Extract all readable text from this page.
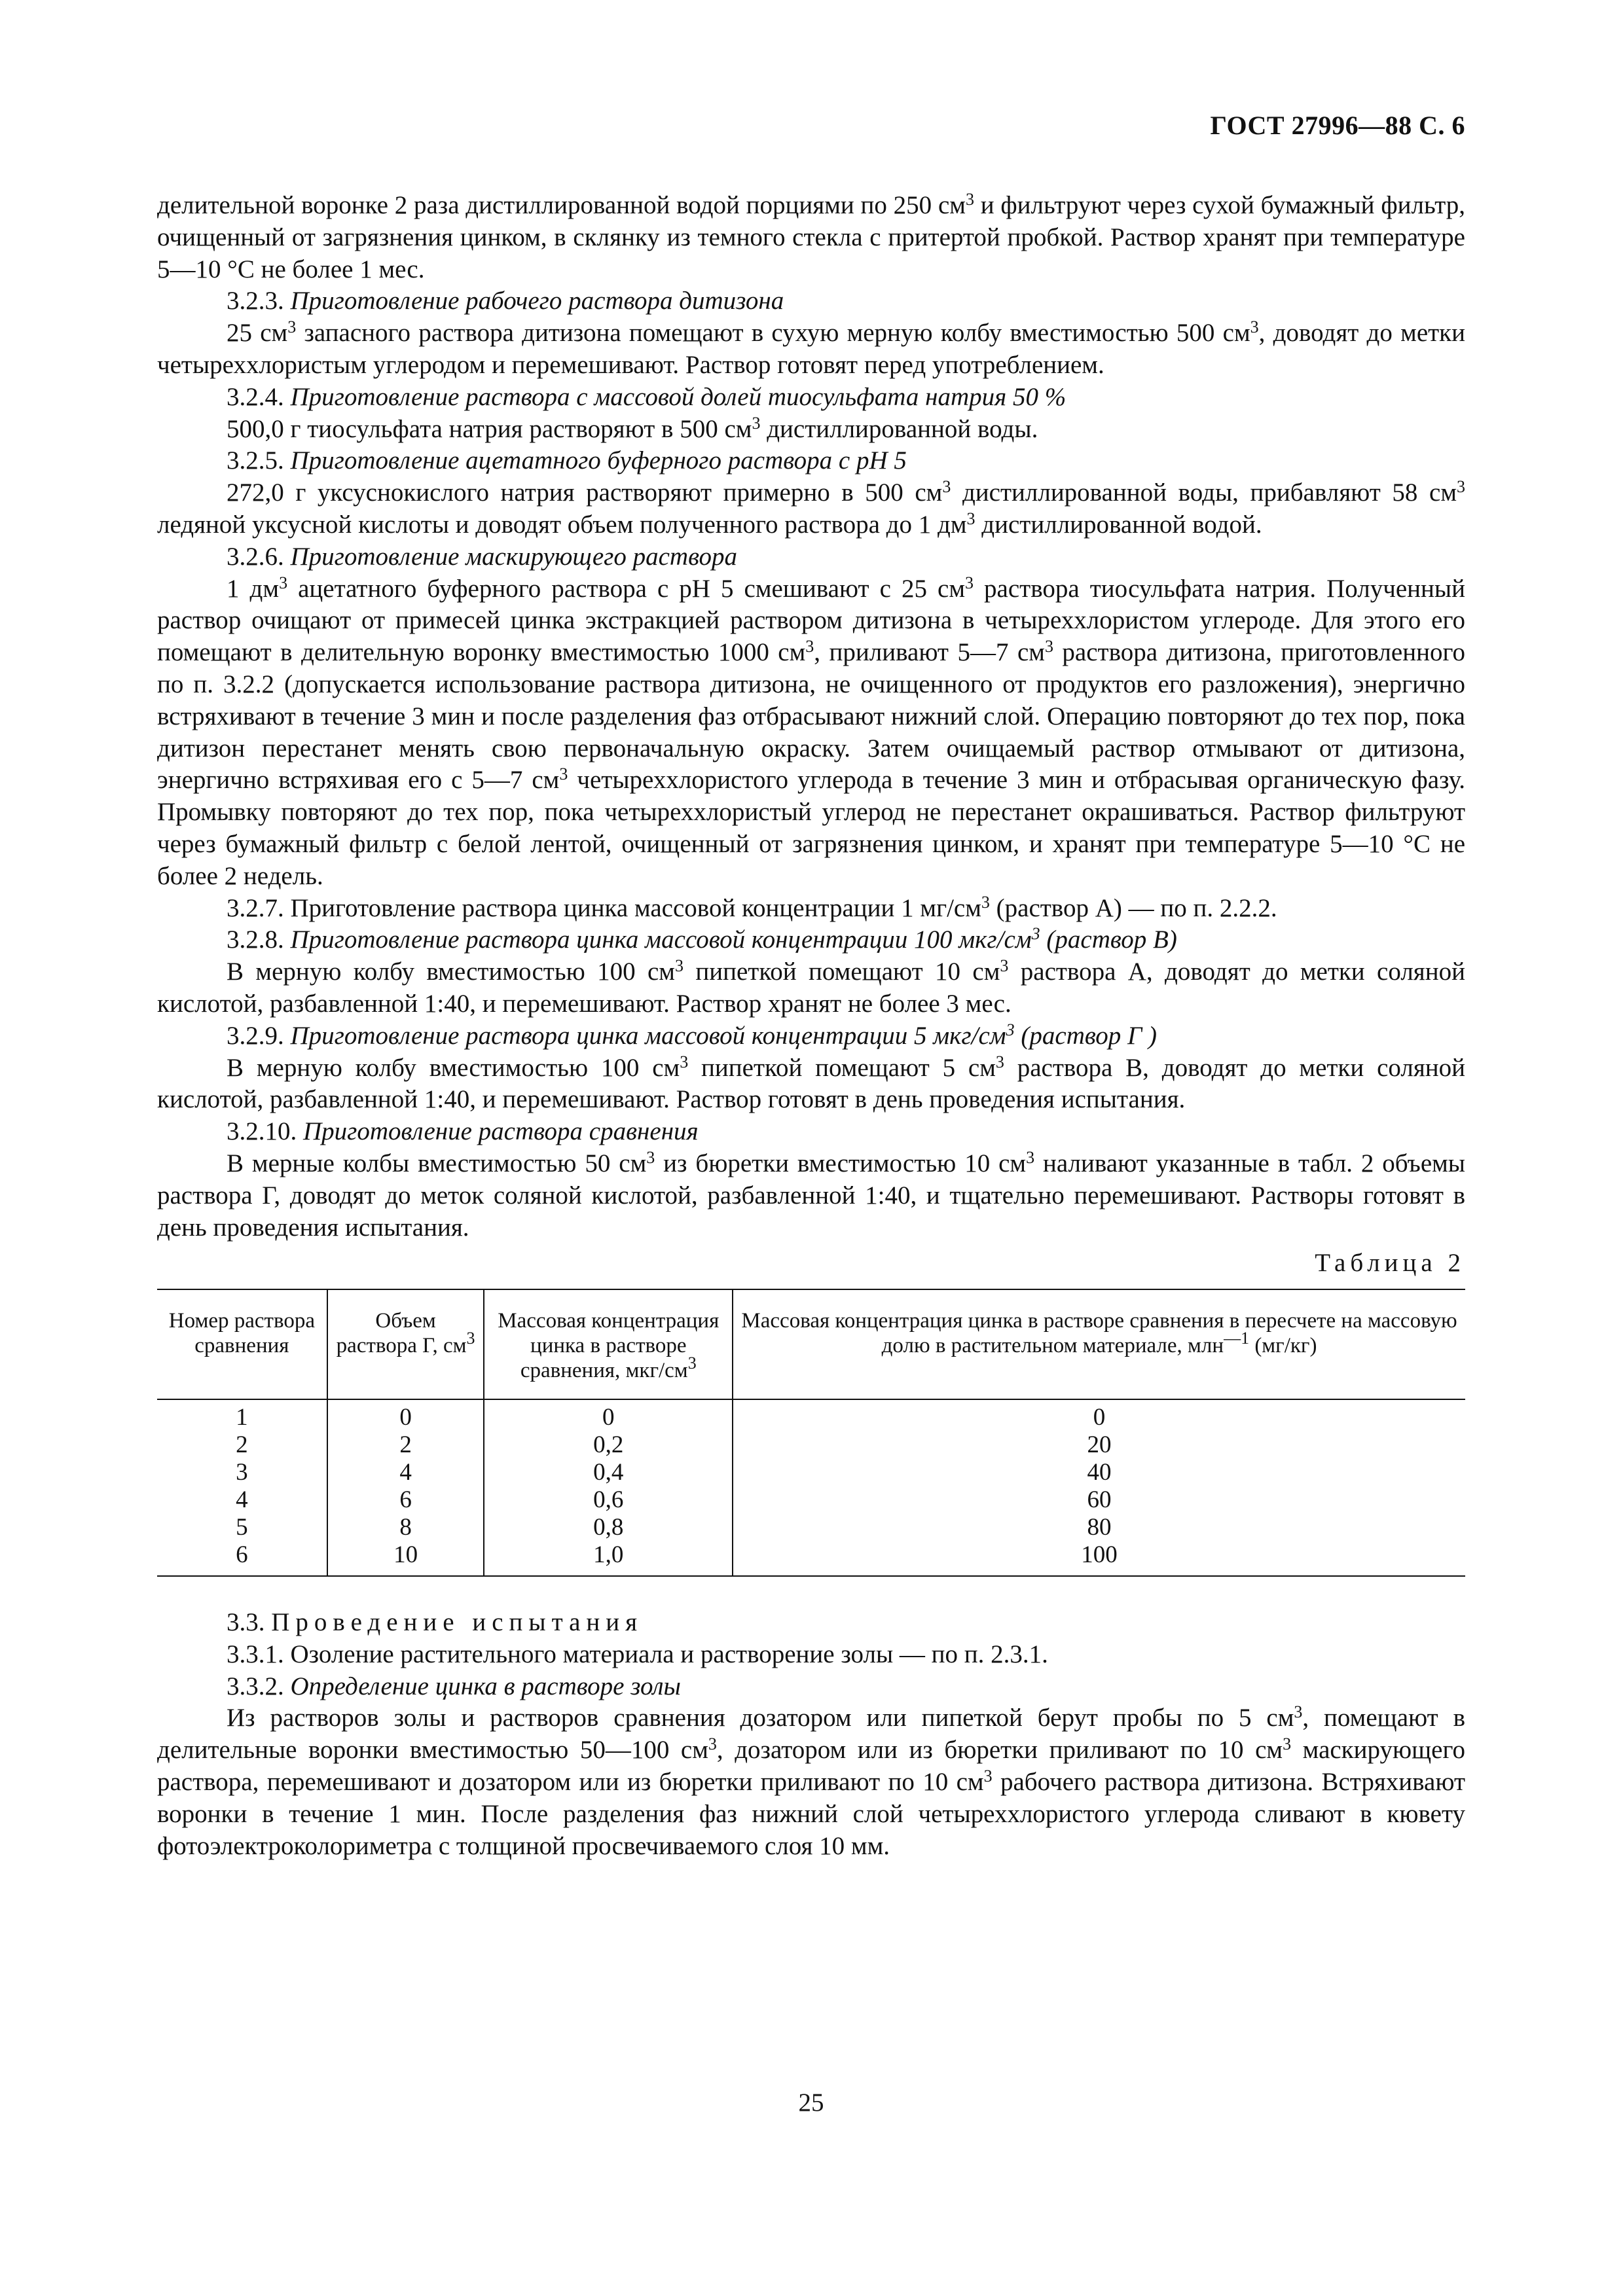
ГОСТ 27996—88 С. 6

делительной воронке 2 раза дистиллированной водой порциями по 250 $см^3$ и фильтруют через сухой бумажный фильтр, очищенный от загрязнения цинком, в склянку из темного стекла с притертой пробкой. Раствор хранят при температуре 5—10 °С не более 1 мес.

3.2.3. Приготовление рабочего раствора дитизона

25 $см^3$ запасного раствора дитизона помещают в сухую мерную колбу вместимостью 500 $см^3$, доводят до метки четыреххлористым углеродом и перемешивают. Раствор готовят перед употреблением.

3.2.4. Приготовление раствора с массовой долей тиосульфата натрия 50 %

500,0 г тиосульфата натрия растворяют в 500 $см^3$ дистиллированной воды.

3.2.5. Приготовление ацетатного буферного раствора с pH 5

272,0 г уксуснокислого натрия растворяют примерно в 500 $см^3$ дистиллированной воды, прибавляют 58 $см^3$ ледяной уксусной кислоты и доводят объем полученного раствора до 1 $дм^3$ дистиллированной водой.

3.2.6. Приготовление маскирующего раствора

1 $дм^3$ ацетатного буферного раствора с pH 5 смешивают с 25 $см^3$ раствора тиосульфата натрия. Полученный раствор очищают от примесей цинка экстракцией раствором дитизона в четыреххлористом углероде. Для этого его помещают в делительную воронку вместимостью 1000 $см^3$, приливают 5—7 $см^3$ раствора дитизона, приготовленного по п. 3.2.2 (допускается использование раствора дитизона, не очищенного от продуктов его разложения), энергично встряхивают в течение 3 мин и после разделения фаз отбрасывают нижний слой. Операцию повторяют до тех пор, пока дитизон перестанет менять свою первоначальную окраску. Затем очищаемый раствор отмывают от дитизона, энергично встряхивая его с 5—7 $см^3$ четыреххлористого углерода в течение 3 мин и отбрасывая органическую фазу. Промывку повторяют до тех пор, пока четыреххлористый углерод не перестанет окрашиваться. Раствор фильтруют через бумажный фильтр с белой лентой, очищенный от загрязнения цинком, и хранят при температуре 5—10 °С не более 2 недель.

3.2.7. Приготовление раствора цинка массовой концентрации 1 $мг/см^3$ (раствор А) — по п. 2.2.2.

3.2.8. Приготовление раствора цинка массовой концентрации 100 мкг/$см^3$ (раствор В)

В мерную колбу вместимостью 100 $см^3$ пипеткой помещают 10 $см^3$ раствора А, доводят до метки соляной кислотой, разбавленной 1:40, и перемешивают. Раствор хранят не более 3 мес.

3.2.9. Приготовление раствора цинка массовой концентрации 5 мкг/$см^3$ (раствор Г )

В мерную колбу вместимостью 100 $см^3$ пипеткой помещают 5 $см^3$ раствора В, доводят до метки соляной кислотой, разбавленной 1:40, и перемешивают. Раствор готовят в день проведения испытания.

3.2.10. Приготовление раствора сравнения

В мерные колбы вместимостью 50 $см^3$ из бюретки вместимостью 10 $см^3$ наливают указанные в табл. 2 объемы раствора Г, доводят до меток соляной кислотой, разбавленной 1:40, и тщательно перемешивают. Растворы готовят в день проведения испытания.

Таблица 2
Номер раствора сравнения	Объем раствора Г, $см^3$	Массовая концентрация цинка в растворе сравнения, мкг/$см^3$	Массовая концентрация цинка в растворе сравнения в пересчете на массовую долю в растительном материале, млн$^{—1}$ (мг/кг)
1	0	0	0
2	2	0,2	20
3	4	0,4	40
4	6	0,6	60
5	8	0,8	80
6	10	1,0	100

3.3. Проведение испытания

3.3.1. Озоление растительного материала и растворение золы — по п. 2.3.1.

3.3.2. Определение цинка в растворе золы

Из растворов золы и растворов сравнения дозатором или пипеткой берут пробы по 5 $см^3$, помещают в делительные воронки вместимостью 50—100 $см^3$, дозатором или из бюретки приливают по 10 $см^3$ маскирующего раствора, перемешивают и дозатором или из бюретки приливают по 10 $см^3$ рабочего раствора дитизона. Встряхивают воронки в течение 1 мин. После разделения фаз нижний слой четыреххлористого углерода сливают в кювету фотоэлектроколориметра с толщиной просвечиваемого слоя 10 мм.

25
